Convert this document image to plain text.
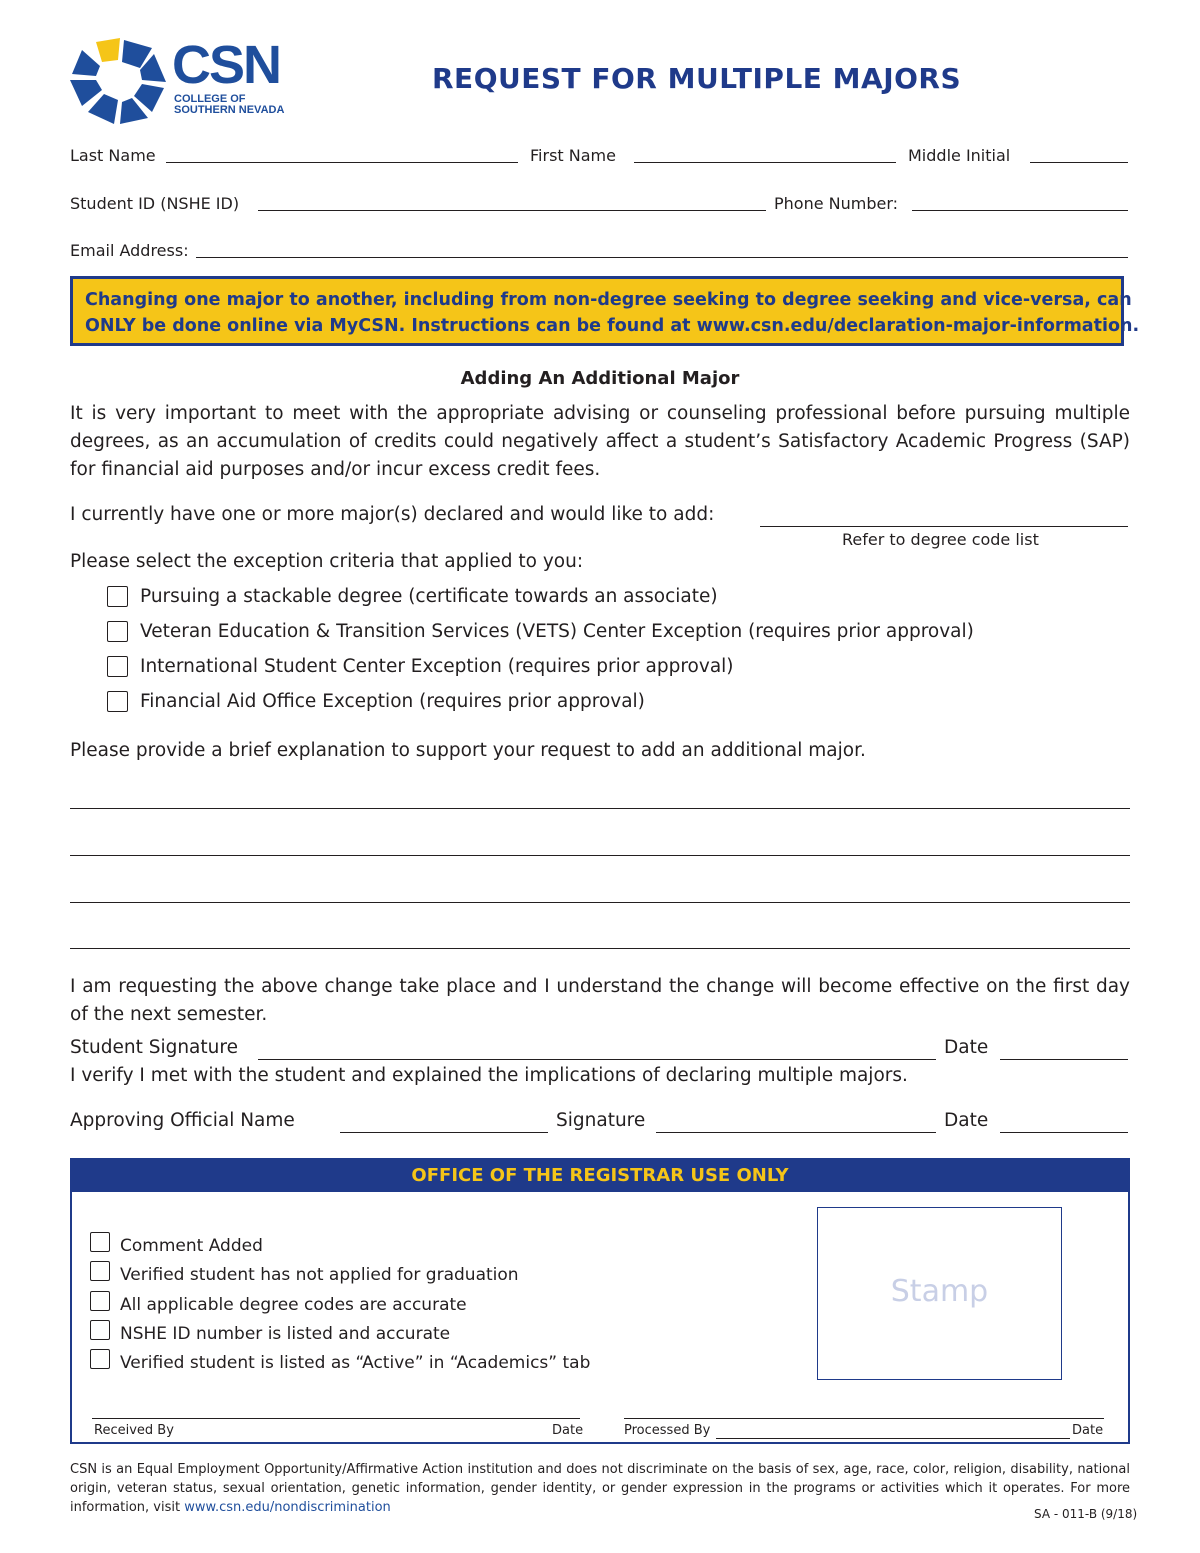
CSN
COLLEGE OF
SOUTHERN NEVADA
REQUEST FOR MULTIPLE MAJORS
Last Name	First Name	Middle Initial
Student ID (NSHE ID)	Phone Number:
Email Address:
Changing one major to another, including from non-degree seeking to degree seeking and vice-versa, can
ONLY be done online via MyCSN. Instructions can be found at www.csn.edu/declaration-major-information.
Adding An Additional Major
It is very important to meet with the appropriate advising or counseling professional before pursuing multiple degrees, as an accumulation of credits could negatively affect a student’s Satisfactory Academic Progress (SAP) for financial aid purposes and/or incur excess credit fees.
I currently have one or more major(s) declared and would like to add:
Refer to degree code list
Please select the exception criteria that applied to you:
Pursuing a stackable degree (certificate towards an associate)
Veteran Education & Transition Services (VETS) Center Exception (requires prior approval)
International Student Center Exception (requires prior approval)
Financial Aid Office Exception (requires prior approval)
Please provide a brief explanation to support your request to add an additional major.
I am requesting the above change take place and I understand the change will become effective on the first day of the next semester.
Student Signature	Date
I verify I met with the student and explained the implications of declaring multiple majors.
Approving Official Name	Signature	Date
OFFICE OF THE REGISTRAR USE ONLY
Comment Added
Verified student has not applied for graduation
All applicable degree codes are accurate
NSHE ID number is listed and accurate
Verified student is listed as “Active” in “Academics” tab
Stamp
Received By	Date	Processed By	Date
CSN is an Equal Employment Opportunity/Affirmative Action institution and does not discriminate on the basis of sex, age, race, color, religion, disability, national origin, veteran status, sexual orientation, genetic information, gender identity, or gender expression in the programs or activities which it operates. For more information, visit www.csn.edu/nondiscrimination	SA - 011-B (9/18)
